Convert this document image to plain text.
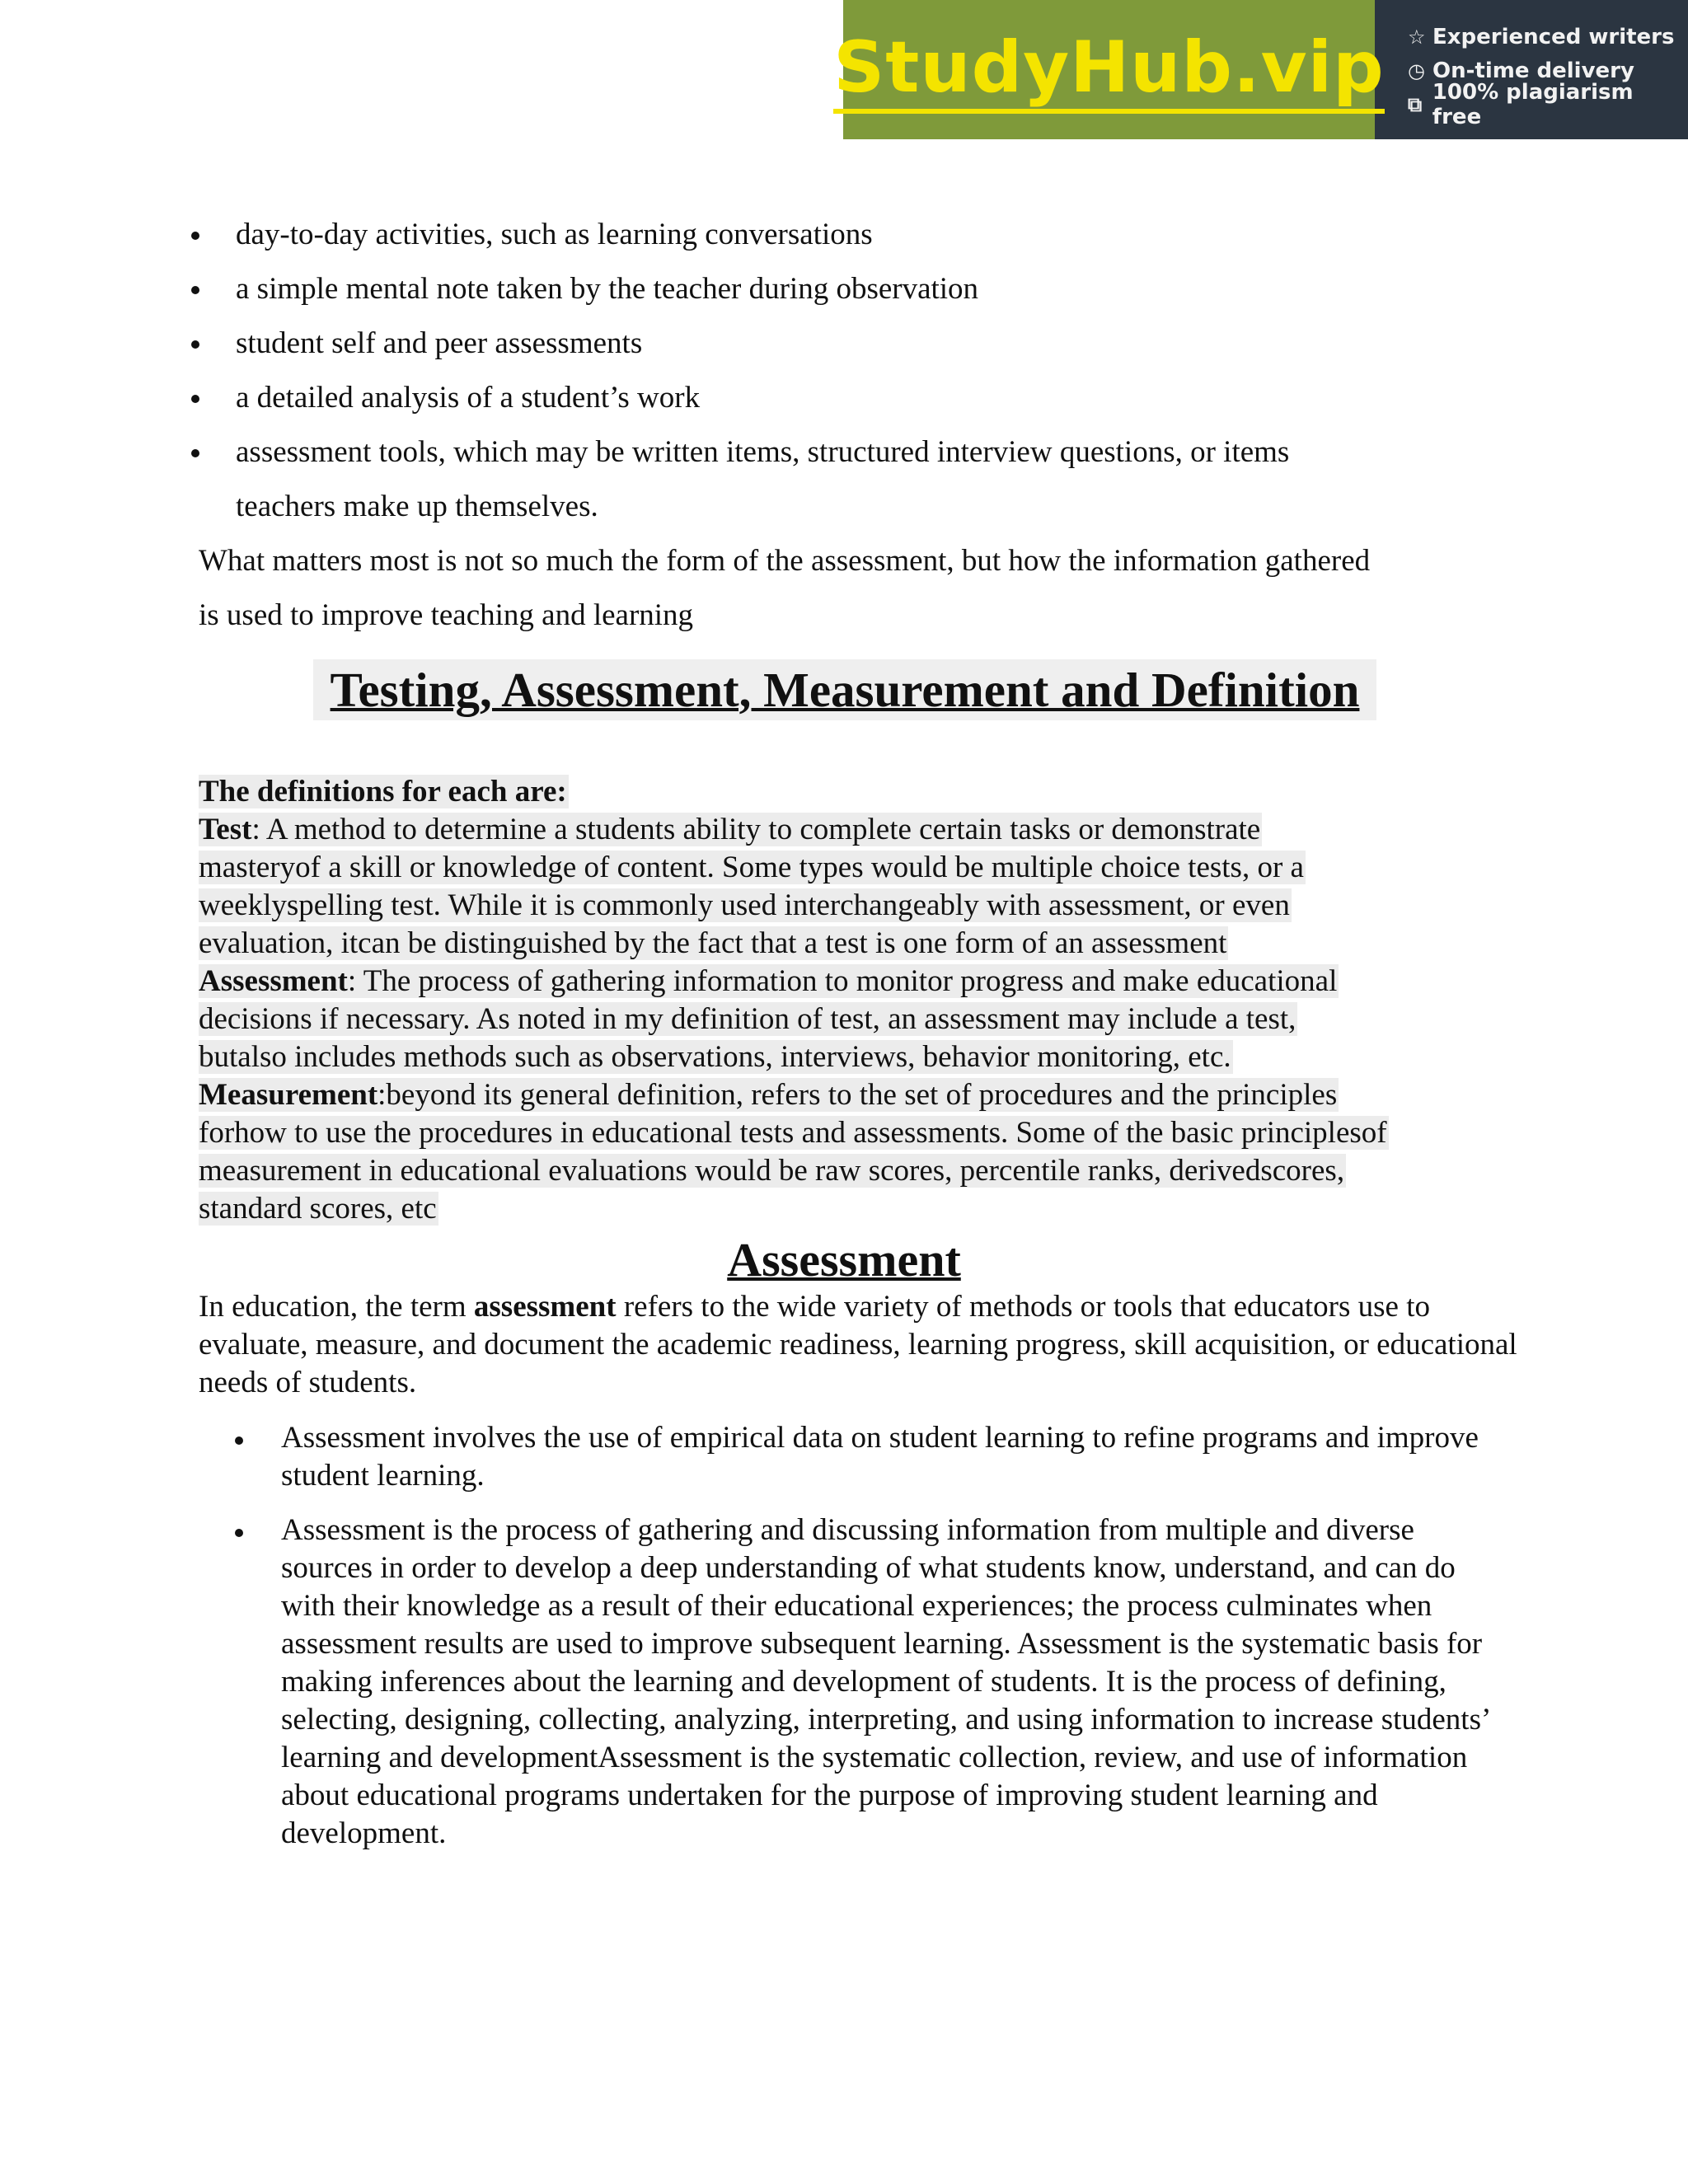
StudyHub.vip ☆ Experienced writers
◷ On-time delivery
⧉ 100% plagiarism free
day-to-day activities, such as learning conversations
a simple mental note taken by the teacher during observation
student self and peer assessments
a detailed analysis of a student’s work
assessment tools, which may be written items, structured interview questions, or items
teachers make up themselves.
What matters most is not so much the form of the assessment, but how the information gathered
is used to improve teaching and learning
Testing, Assessment, Measurement and Definition
The definitions for each are:
Test: A method to determine a students ability to complete certain tasks or demonstrate
masteryof a skill or knowledge of content. Some types would be multiple choice tests, or a
weeklyspelling test. While it is commonly used interchangeably with assessment, or even
evaluation, itcan be distinguished by the fact that a test is one form of an assessment
Assessment: The process of gathering information to monitor progress and make educational
decisions if necessary. As noted in my definition of test, an assessment may include a test,
butalso includes methods such as observations, interviews, behavior monitoring, etc.
Measurement:beyond its general definition, refers to the set of procedures and the principles
forhow to use the procedures in educational tests and assessments. Some of the basic principlesof
measurement in educational evaluations would be raw scores, percentile ranks, derivedscores,
standard scores, etc
Assessment
In education, the term assessment refers to the wide variety of methods or tools that educators use to evaluate, measure, and document the academic readiness, learning progress, skill acquisition, or educational needs of students.
Assessment involves the use of empirical data on student learning to refine programs and improve student learning.
Assessment is the process of gathering and discussing information from multiple and diverse sources in order to develop a deep understanding of what students know, understand, and can do with their knowledge as a result of their educational experiences; the process culminates when assessment results are used to improve subsequent learning. Assessment is the systematic basis for making inferences about the learning and development of students. It is the process of defining, selecting, designing, collecting, analyzing, interpreting, and using information to increase students’ learning and developmentAssessment is the systematic collection, review, and use of information about educational programs undertaken for the purpose of improving student learning and development.
